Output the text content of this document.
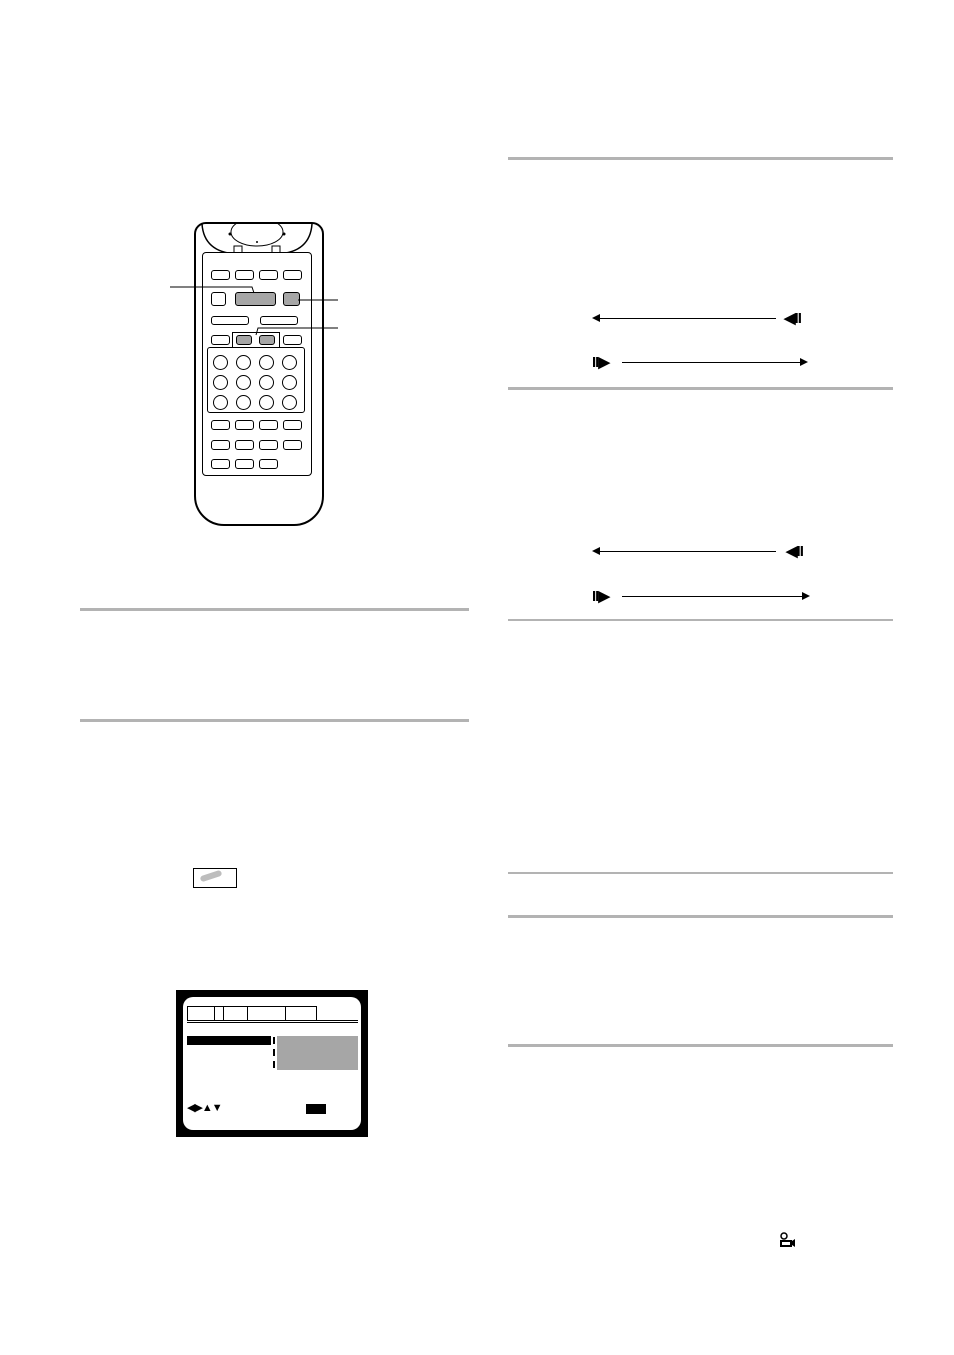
◀II
II▶
◀II
II▶
◀▶▲▼
